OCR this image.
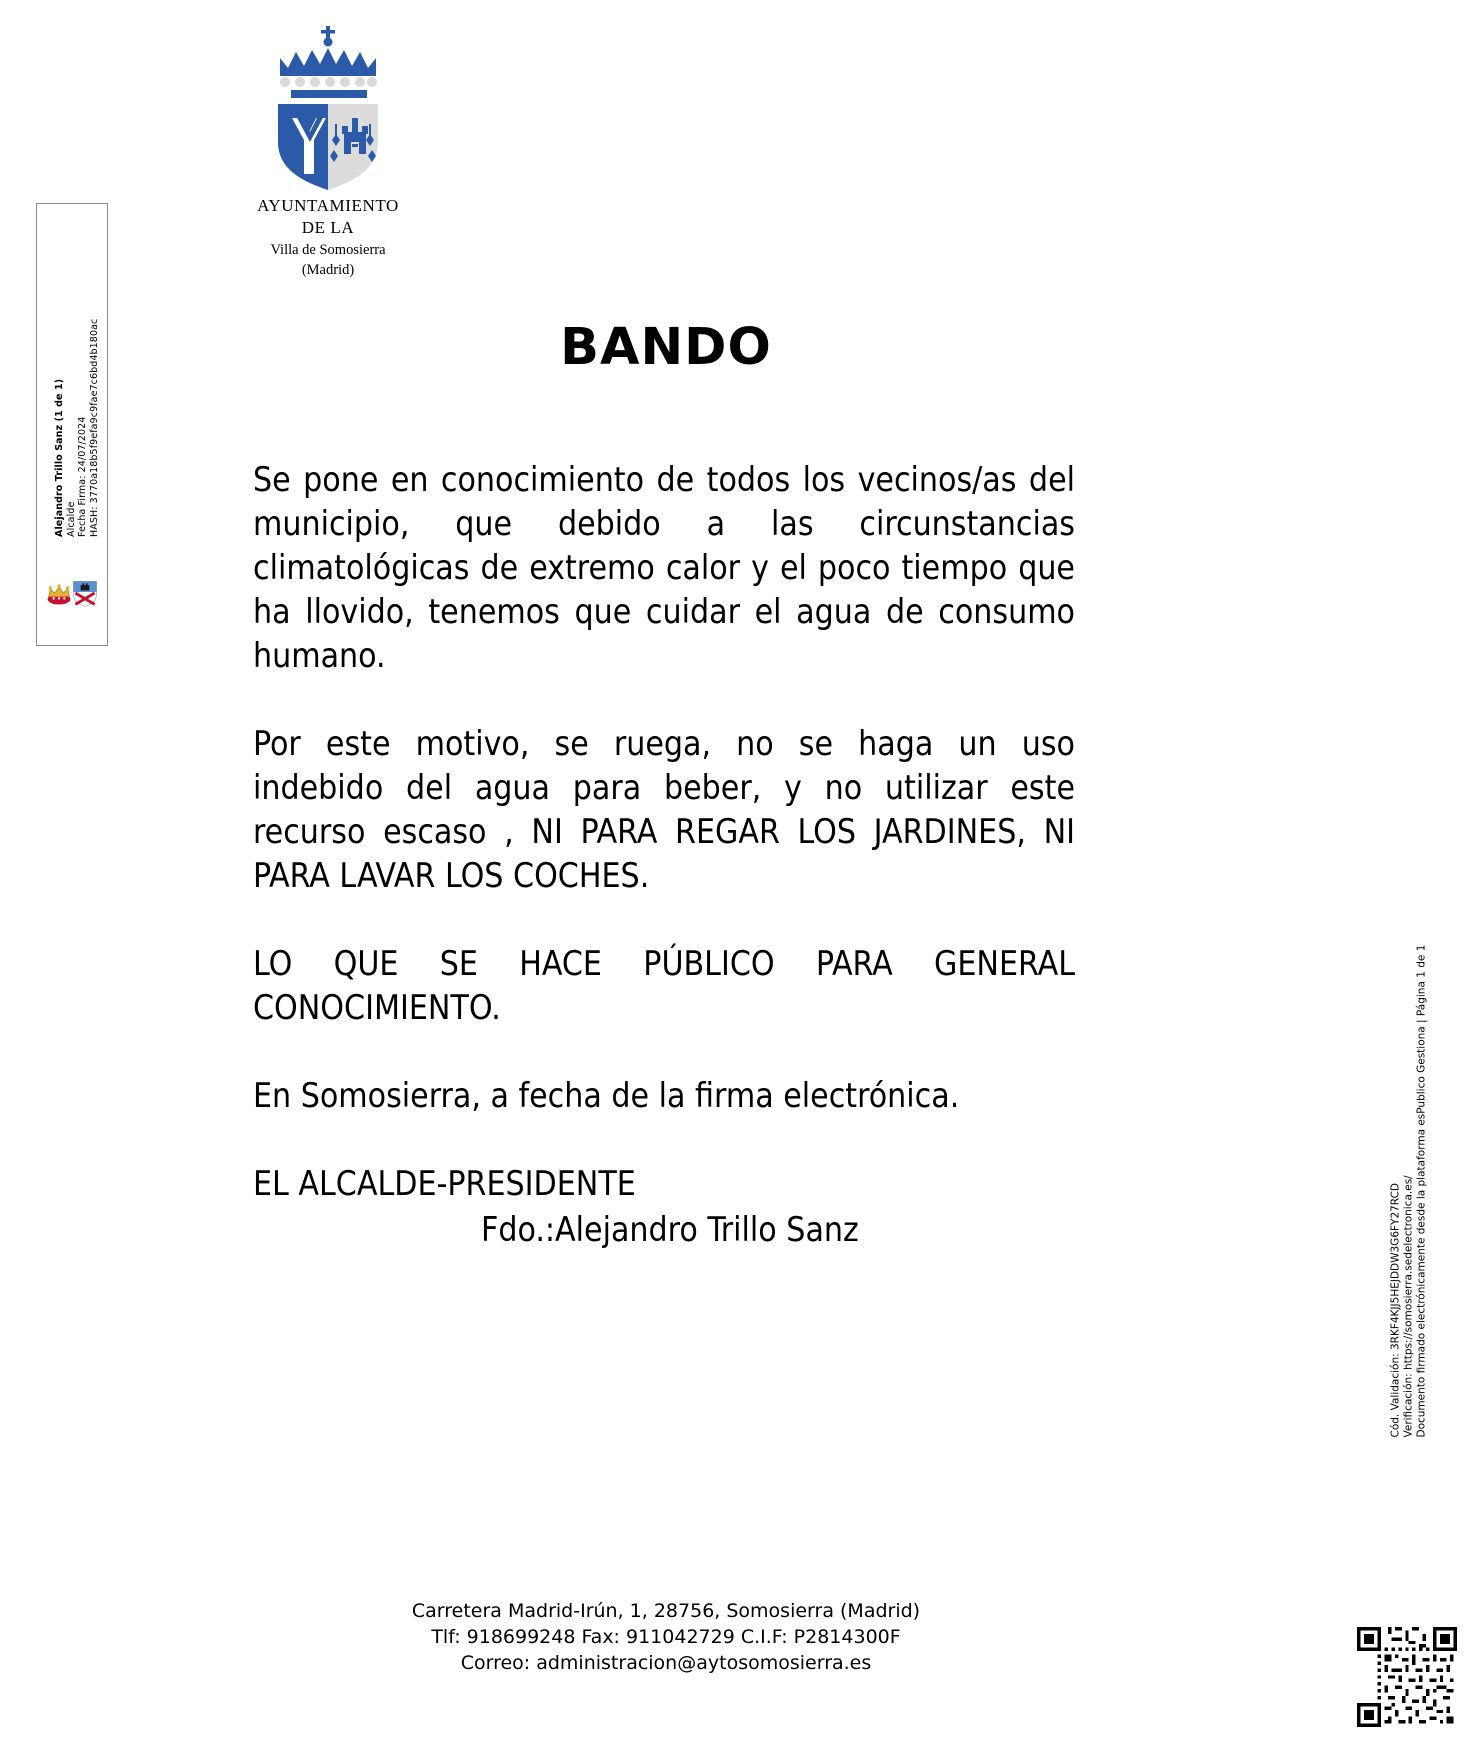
Alejandro Trillo Sanz (1 de 1) Alcalde Fecha Firma: 24/07/2024 HASH: 3770a18b5f9efa9c9fae7c6bd4b180ac
AYUNTAMIENTO
DE LA
Villa de Somosierra
(Madrid)
BANDO

Se pone en conocimiento de todos los vecinos/as del municipio, que debido a las circunstancias climatológicas de extremo calor y el poco tiempo que ha llovido, tenemos que cuidar el agua de consumo humano.

Por este motivo, se ruega, no se haga un uso indebido del agua para beber, y no utilizar este recurso escaso , NI PARA REGAR LOS JARDINES, NI PARA LAVAR LOS COCHES.

LO QUE SE HACE PÚBLICO PARA GENERAL CONOCIMIENTO.

En Somosierra, a fecha de la firma electrónica.

EL ALCALDE-PRESIDENTE
Fdo.:Alejandro Trillo Sanz
Carretera Madrid-Irún, 1, 28756, Somosierra (Madrid)
Tlf: 918699248 Fax: 911042729 C.I.F: P2814300F
Correo: administracion@aytosomosierra.es
Cód. Validación: 3RKF4KJJ5HEJDDW3G6FY27RCD Verificación: https://somosierra.sedelectronica.es/ Documento firmado electrónicamente desde la plataforma esPublico Gestiona | Página 1 de 1
